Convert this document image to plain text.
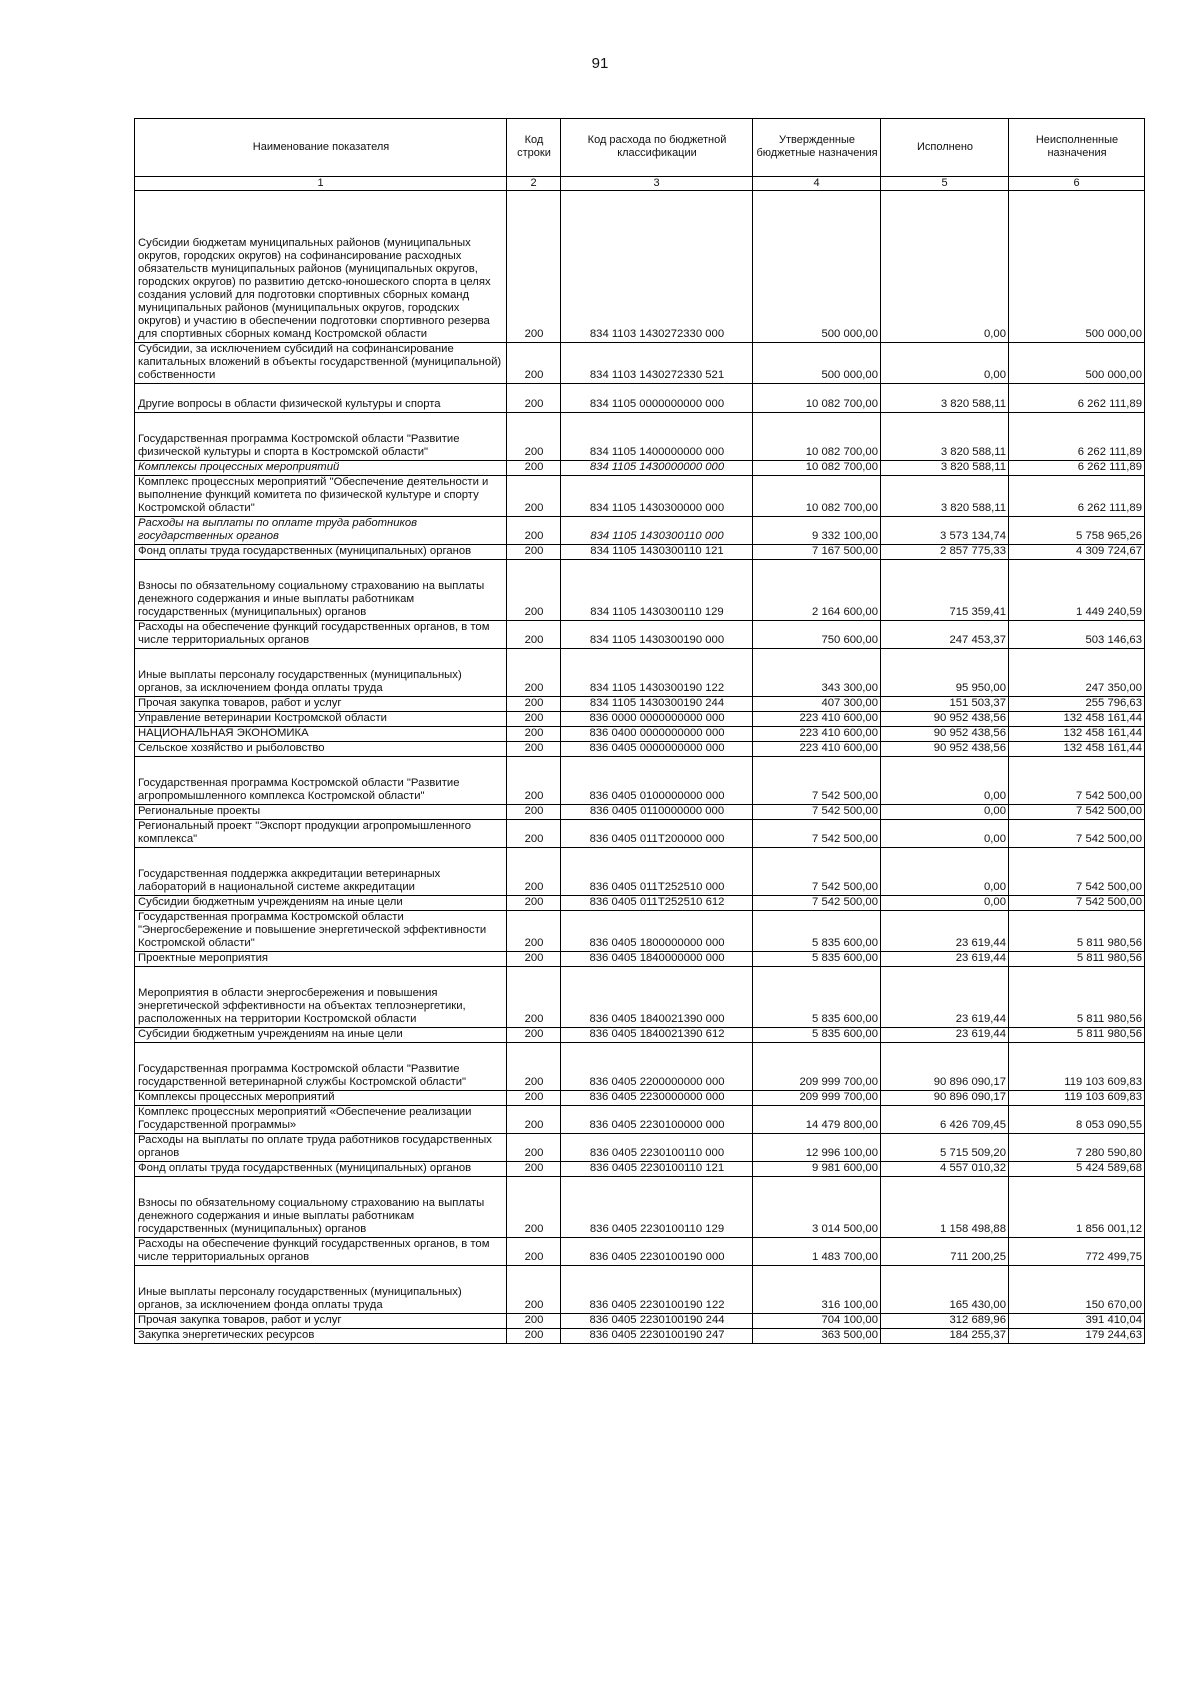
91
Наименование показателя	Код строки	Код расхода по бюджетной классификации	Утвержденные бюджетные назначения	Исполнено	Неисполненные назначения
1	2	3	4	5	6
Субсидии бюджетам муниципальных районов (муниципальных округов, городских округов) на софинансирование расходных обязательств муниципальных районов (муниципальных округов, городских округов) по развитию детско-юношеского спорта в целях создания условий для подготовки спортивных сборных команд муниципальных районов (муниципальных округов, городских округов) и участию в обеспечении подготовки спортивного резерва для спортивных сборных команд Костромской области	200	834 1103 1430272330 000	500 000,00	0,00	500 000,00
Субсидии, за исключением субсидий на софинансирование капитальных вложений в объекты государственной (муниципальной) собственности	200	834 1103 1430272330 521	500 000,00	0,00	500 000,00
Другие вопросы в области физической культуры и спорта	200	834 1105 0000000000 000	10 082 700,00	3 820 588,11	6 262 111,89
Государственная программа Костромской области "Развитие физической культуры и спорта в Костромской области"	200	834 1105 1400000000 000	10 082 700,00	3 820 588,11	6 262 111,89
Комплексы процессных мероприятий	200	834 1105 1430000000 000	10 082 700,00	3 820 588,11	6 262 111,89
Комплекс процессных мероприятий "Обеспечение деятельности и выполнение функций комитета по физической культуре и спорту Костромской области"	200	834 1105 1430300000 000	10 082 700,00	3 820 588,11	6 262 111,89
Расходы на выплаты по оплате труда работников государственных органов	200	834 1105 1430300110 000	9 332 100,00	3 573 134,74	5 758 965,26
Фонд оплаты труда государственных (муниципальных) органов	200	834 1105 1430300110 121	7 167 500,00	2 857 775,33	4 309 724,67
Взносы по обязательному социальному страхованию на выплаты денежного содержания и иные выплаты работникам государственных (муниципальных) органов	200	834 1105 1430300110 129	2 164 600,00	715 359,41	1 449 240,59
Расходы на обеспечение функций государственных органов, в том числе территориальных органов	200	834 1105 1430300190 000	750 600,00	247 453,37	503 146,63
Иные выплаты персоналу государственных (муниципальных) органов, за исключением фонда оплаты труда	200	834 1105 1430300190 122	343 300,00	95 950,00	247 350,00
Прочая закупка товаров, работ и услуг	200	834 1105 1430300190 244	407 300,00	151 503,37	255 796,63
Управление ветеринарии Костромской области	200	836 0000 0000000000 000	223 410 600,00	90 952 438,56	132 458 161,44
НАЦИОНАЛЬНАЯ ЭКОНОМИКА	200	836 0400 0000000000 000	223 410 600,00	90 952 438,56	132 458 161,44
Сельское хозяйство и рыболовство	200	836 0405 0000000000 000	223 410 600,00	90 952 438,56	132 458 161,44
Государственная программа Костромской области "Развитие агропромышленного комплекса Костромской области"	200	836 0405 0100000000 000	7 542 500,00	0,00	7 542 500,00
Региональные проекты	200	836 0405 0110000000 000	7 542 500,00	0,00	7 542 500,00
Региональный проект "Экспорт продукции агропромышленного комплекса"	200	836 0405 011Т200000 000	7 542 500,00	0,00	7 542 500,00
Государственная поддержка аккредитации ветеринарных лабораторий в национальной системе аккредитации	200	836 0405 011Т252510 000	7 542 500,00	0,00	7 542 500,00
Субсидии бюджетным учреждениям на иные цели	200	836 0405 011Т252510 612	7 542 500,00	0,00	7 542 500,00
Государственная программа Костромской области "Энергосбережение и повышение энергетической эффективности Костромской области"	200	836 0405 1800000000 000	5 835 600,00	23 619,44	5 811 980,56
Проектные мероприятия	200	836 0405 1840000000 000	5 835 600,00	23 619,44	5 811 980,56
Мероприятия в области энергосбережения и повышения энергетической эффективности на объектах теплоэнергетики, расположенных на территории Костромской области	200	836 0405 1840021390 000	5 835 600,00	23 619,44	5 811 980,56
Субсидии бюджетным учреждениям на иные цели	200	836 0405 1840021390 612	5 835 600,00	23 619,44	5 811 980,56
Государственная программа Костромской области "Развитие государственной ветеринарной службы Костромской области"	200	836 0405 2200000000 000	209 999 700,00	90 896 090,17	119 103 609,83
Комплексы процессных мероприятий	200	836 0405 2230000000 000	209 999 700,00	90 896 090,17	119 103 609,83
Комплекс процессных мероприятий «Обеспечение реализации Государственной программы»	200	836 0405 2230100000 000	14 479 800,00	6 426 709,45	8 053 090,55
Расходы на выплаты по оплате труда работников государственных органов	200	836 0405 2230100110 000	12 996 100,00	5 715 509,20	7 280 590,80
Фонд оплаты труда государственных (муниципальных) органов	200	836 0405 2230100110 121	9 981 600,00	4 557 010,32	5 424 589,68
Взносы по обязательному социальному страхованию на выплаты денежного содержания и иные выплаты работникам государственных (муниципальных) органов	200	836 0405 2230100110 129	3 014 500,00	1 158 498,88	1 856 001,12
Расходы на обеспечение функций государственных органов, в том числе территориальных органов	200	836 0405 2230100190 000	1 483 700,00	711 200,25	772 499,75
Иные выплаты персоналу государственных (муниципальных) органов, за исключением фонда оплаты труда	200	836 0405 2230100190 122	316 100,00	165 430,00	150 670,00
Прочая закупка товаров, работ и услуг	200	836 0405 2230100190 244	704 100,00	312 689,96	391 410,04
Закупка энергетических ресурсов	200	836 0405 2230100190 247	363 500,00	184 255,37	179 244,63
